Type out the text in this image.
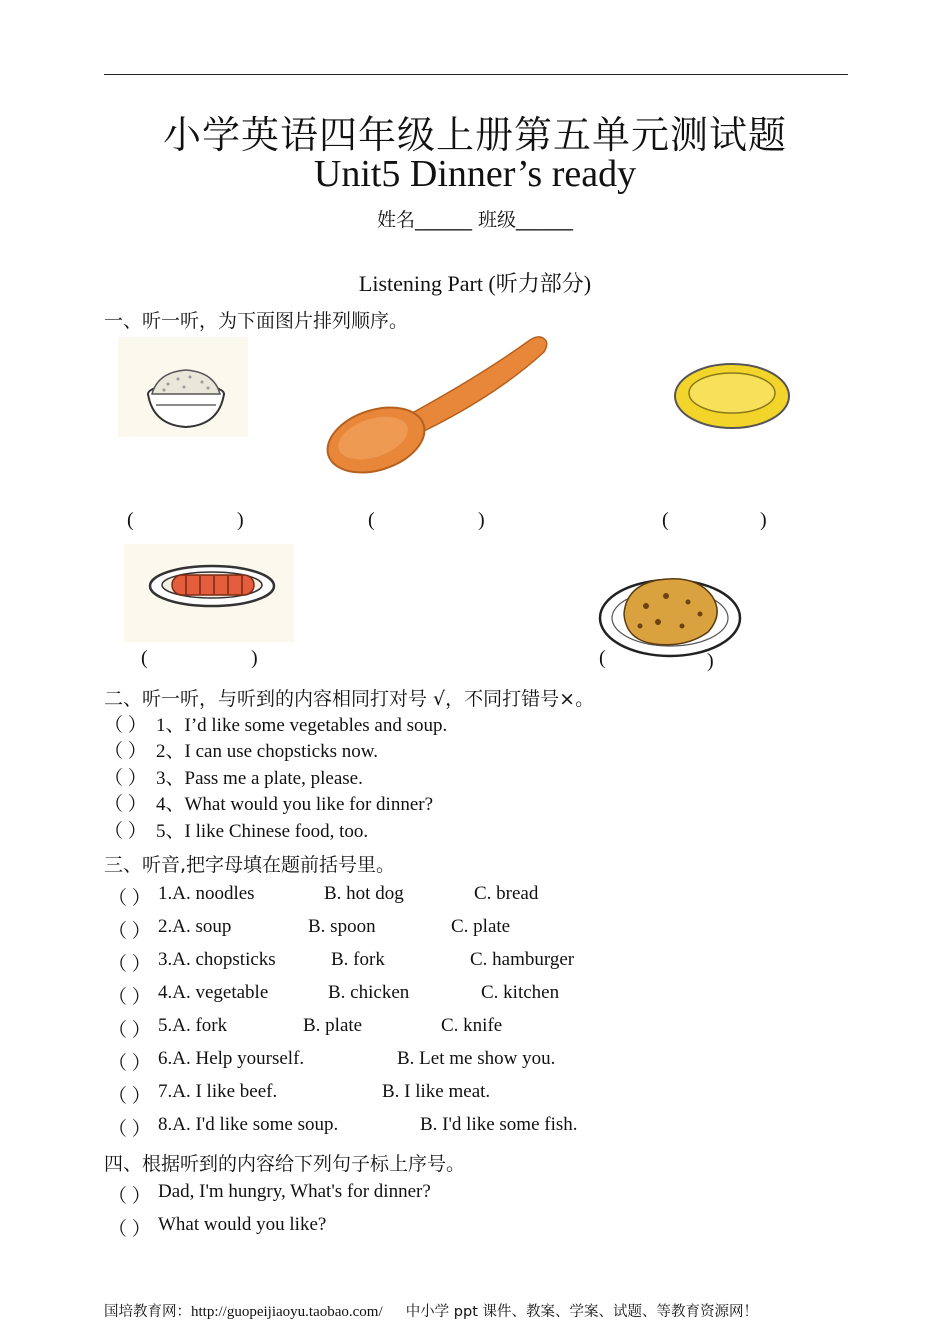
小学英语四年级上册第五单元测试题
Unit5 Dinner’s ready
姓名______ 班级______
Listening Part (听力部分)
一、听一听，为下面图片排列顺序。
(	)	(	)	(	)
(	)	(	)
二、听一听，与听到的内容相同打对号 √，不同打错号×。
（ ） 1、I’d like some vegetables and soup.
（ ） 2、I can use chopsticks now.
（ ） 3、Pass me a plate, please.
（ ） 4、What would you like for dinner?
（ ） 5、I like Chinese food, too.
三、听音,把字母填在题前括号里。
（ ） 1.A. noodles	B. hot dog	C. bread
（ ） 2.A. soup	B. spoon	C. plate
（ ） 3.A. chopsticks	B. fork	C. hamburger
（ ） 4.A. vegetable	B. chicken	C. kitchen
（ ） 5.A. fork	B. plate	C. knife
（ ） 6.A. Help yourself.	B. Let me show you.
（ ） 7.A. I like beef.	B. I like meat.
（ ） 8.A. I'd like some soup.	B. I'd like some fish.
四、根据听到的内容给下列句子标上序号。
（ ） Dad, I'm hungry, What's for dinner?
（ ） What would you like?
国培教育网：http://guopeijiaoyu.taobao.com/ 中小学 ppt 课件、教案、学案、试题、等教育资源网！
